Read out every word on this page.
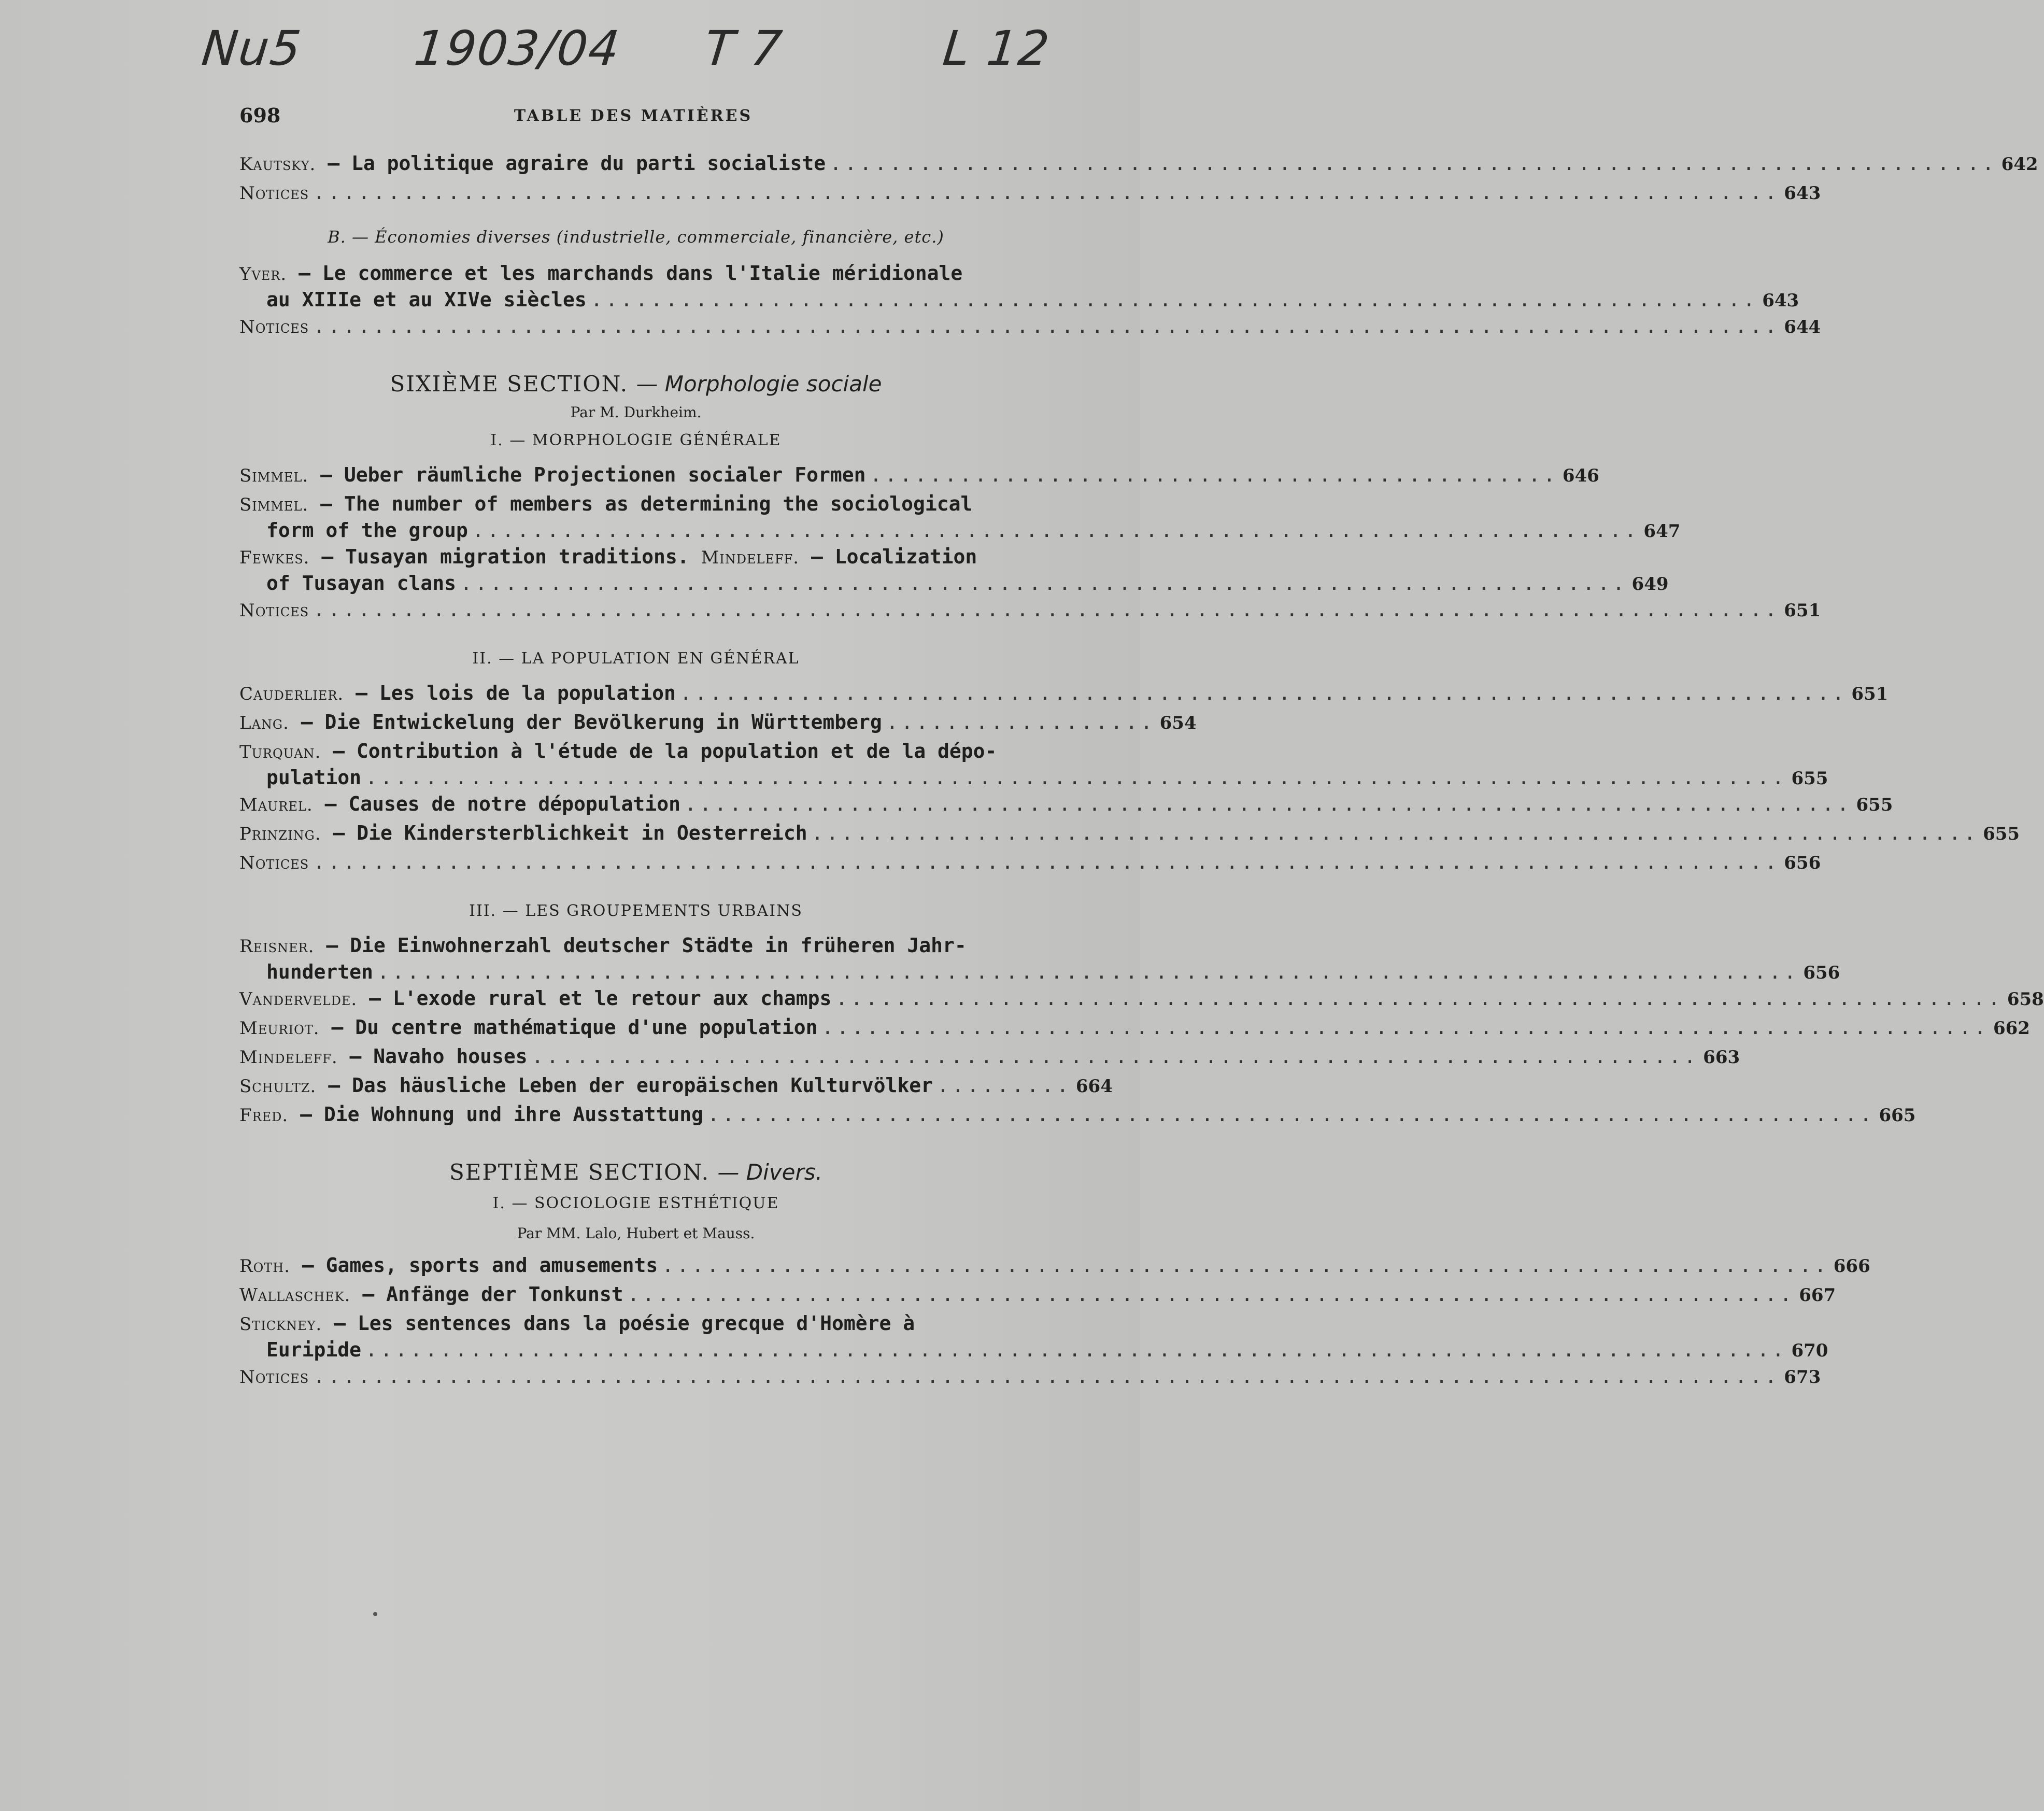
Nu5 1903/04 T 7	L 12
698	TABLE DES MATIÈRES
Kautsky. — La politique agraire du parti socialiste .............................................................................. 642
Notices .................................................................................................. 643
B. — Économies diverses (industrielle, commerciale, financière, etc.)
Yver. — Le commerce et les marchands dans l'Italie méridionale
au XIIIe et au XIVe siècles .............................................................................. 643
Notices .................................................................................................. 644
SIXIÈME SECTION. — Morphologie sociale
Par M. Durkheim.
I. — MORPHOLOGIE GÉNÉRALE
Simmel. — Ueber räumliche Projectionen socialer Formen .............................................. 646
Simmel. — The number of members as determining the sociological
form of the group .............................................................................. 647
Fewkes. — Tusayan migration traditions. Mindeleff. — Localization
of Tusayan clans .............................................................................. 649
Notices .................................................................................................. 651
II. — LA POPULATION EN GÉNÉRAL
Cauderlier. — Les lois de la population .............................................................................. 651
Lang. — Die Entwickelung der Bevölkerung in Württemberg .................. 654
Turquan. — Contribution à l'étude de la population et de la dépo-
pulation ............................................................................................... 655
Maurel. — Causes de notre dépopulation .............................................................................. 655
Prinzing. — Die Kindersterblichkeit in Oesterreich .............................................................................. 655
Notices .................................................................................................. 656
III. — LES GROUPEMENTS URBAINS
Reisner. — Die Einwohnerzahl deutscher Städte in früheren Jahr-
hunderten ............................................................................................... 656
Vandervelde. — L'exode rural et le retour aux champs .............................................................................. 658
Meuriot. — Du centre mathématique d'une population .............................................................................. 662
Mindeleff. — Navaho houses .............................................................................. 663
Schultz. — Das häusliche Leben der europäischen Kulturvölker ......... 664
Fred. — Die Wohnung und ihre Ausstattung .............................................................................. 665
SEPTIÈME SECTION. — Divers.
I. — SOCIOLOGIE ESTHÉTIQUE
Par MM. Lalo, Hubert et Mauss.
Roth. — Games, sports and amusements .............................................................................. 666
Wallaschek. — Anfänge der Tonkunst .............................................................................. 667
Stickney. — Les sentences dans la poésie grecque d'Homère à
Euripide ............................................................................................... 670
Notices .................................................................................................. 673
